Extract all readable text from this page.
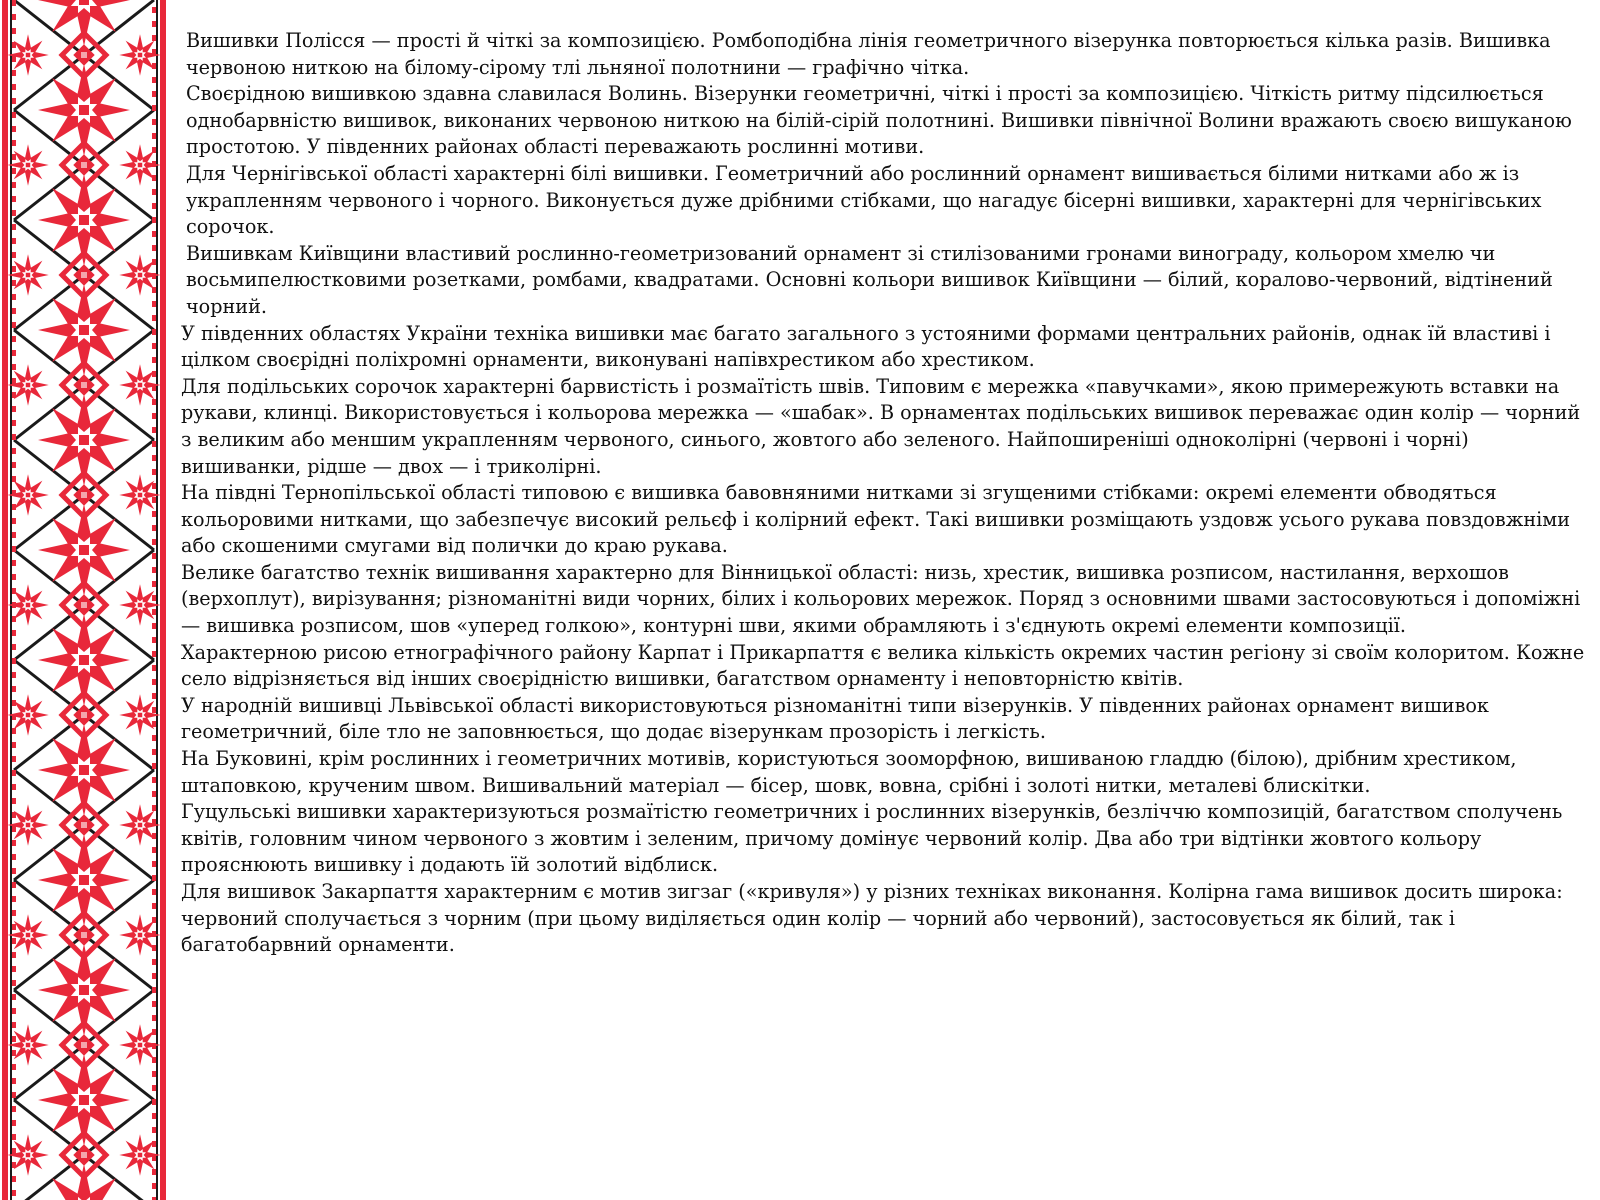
Вишивки Полісся — прості й чіткі за композицією. Ромбоподібна лінія геометричного візерунка повторюється кілька разів. Вишивка червоною ниткою на білому-сірому тлі льняної полотнини — графічно чітка.

Своєрідною вишивкою здавна славилася Волинь. Візерунки геометричні, чіткі і прості за композицією. Чіткість ритму підсилюється однобарвністю вишивок, виконаних червоною ниткою на білій-сірій полотнині. Вишивки північної Волини вражають своєю вишуканою простотою. У південних районах області переважають рослинні мотиви.

Для Чернігівської області характерні білі вишивки. Геометричний або рослинний орнамент вишивається білими нитками або ж із украпленням червоного і чорного. Виконується дуже дрібними стібками, що нагадує бісерні вишивки, характерні для чернігівських сорочок.

Вишивкам Київщини властивий рослинно-геометризований орнамент зі стилізованими гронами винограду, кольором хмелю чи восьмипелюстковими розетками, ромбами, квадратами. Основні кольори вишивок Київщини — білий, коралово-червоний, відтінений чорний.

У південних областях України техніка вишивки має багато загального з устояними формами центральних районів, однак їй властиві і цілком своєрідні поліхромні орнаменти, виконувані напівхрестиком або хрестиком.

Для подільських сорочок характерні барвистість і розмаїтість швів. Типовим є мережка «павучками», якою примережують вставки на рукави, клинці. Використовується і кольорова мережка — «шабак». В орнаментах подільських вишивок переважає один колір — чорний з великим або меншим украпленням червоного, синього, жовтого або зеленого. Найпоширеніші одноколірні (червоні і чорні) вишиванки, рідше — двох — і триколірні.

На півдні Тернопільської області типовою є вишивка бавовняними нитками зі згущеними стібками: окремі елементи обводяться кольоровими нитками, що забезпечує високий рельєф і колірний ефект. Такі вишивки розміщають уздовж усього рукава повздовжніми або скошеними смугами від полички до краю рукава.

Велике багатство технік вишивання характерно для Вінницької області: низь, хрестик, вишивка розписом, настилання, верхошов (верхоплут), вирізування; різноманітні види чорних, білих і кольорових мережок. Поряд з основними швами застосовуються і допоміжні — вишивка розписом, шов «уперед голкою», контурні шви, якими обрамляють і з'єднують окремі елементи композиції.

Характерною рисою етнографічного району Карпат і Прикарпаття є велика кількість окремих частин регіону зі своїм колоритом. Кожне село відрізняється від інших своєрідністю вишивки, багатством орнаменту і неповторністю квітів.

У народній вишивці Львівської області використовуються різноманітні типи візерунків. У південних районах орнамент вишивок геометричний, біле тло не заповнюється, що додає візерункам прозорість і легкість.

На Буковині, крім рослинних і геометричних мотивів, користуються зооморфною, вишиваною гладдю (білою), дрібним хрестиком, штаповкою, крученим швом. Вишивальний матеріал — бісер, шовк, вовна, срібні і золоті нитки, металеві блискітки.

Гуцульські вишивки характеризуються розмаїтістю геометричних і рослинних візерунків, безліччю композицій, багатством сполучень квітів, головним чином червоного з жовтим і зеленим, причому домінує червоний колір. Два або три відтінки жовтого кольору прояснюють вишивку і додають їй золотий відблиск.

Для вишивок Закарпаття характерним є мотив зигзаг («кривуля») у різних техніках виконання. Колірна гама вишивок досить широка: червоний сполучається з чорним (при цьому виділяється один колір — чорний або червоний), застосовується як білий, так і багатобарвний орнаменти.
